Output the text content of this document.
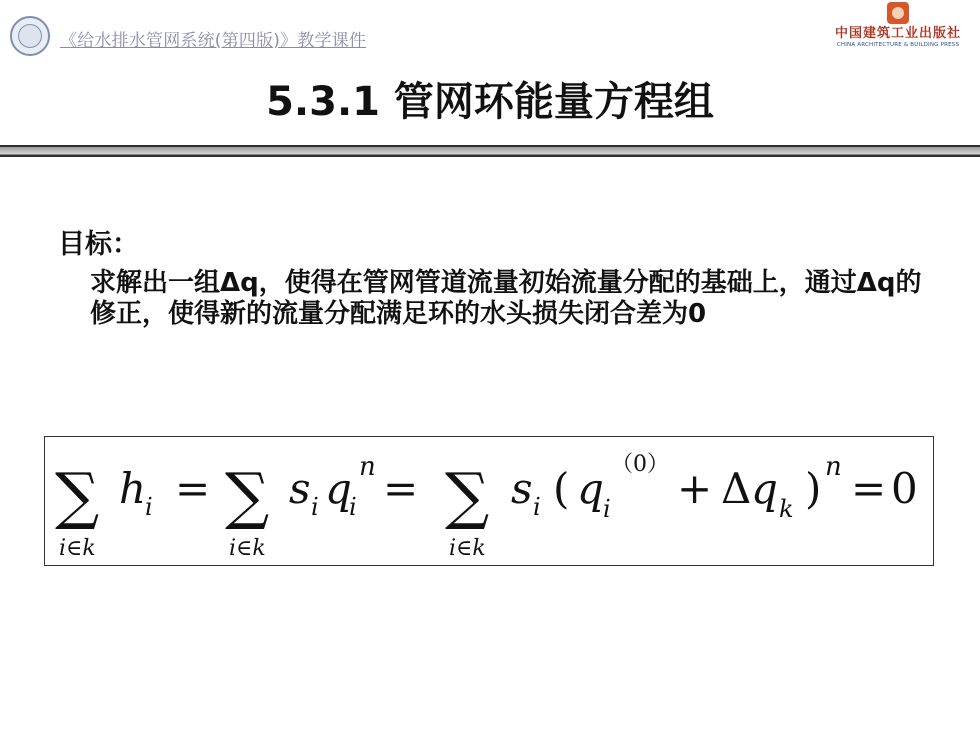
《给水排水管网系统(第四版)》教学课件	中国建筑工业出版社
CHINA ARCHITECTURE & BUILDING PRESS
5.3.1 管网环能量方程组
目标：
求解出一组Δq，使得在管网管道流量初始流量分配的基础上，通过Δq的修正，使得新的流量分配满足环的水头损失闭合差为0
∑
i∈k
h
i = ∑
i∈k
s i q
i
n = ∑
i∈k
s i ( q i
（0） + Δ q k ) n = 0
